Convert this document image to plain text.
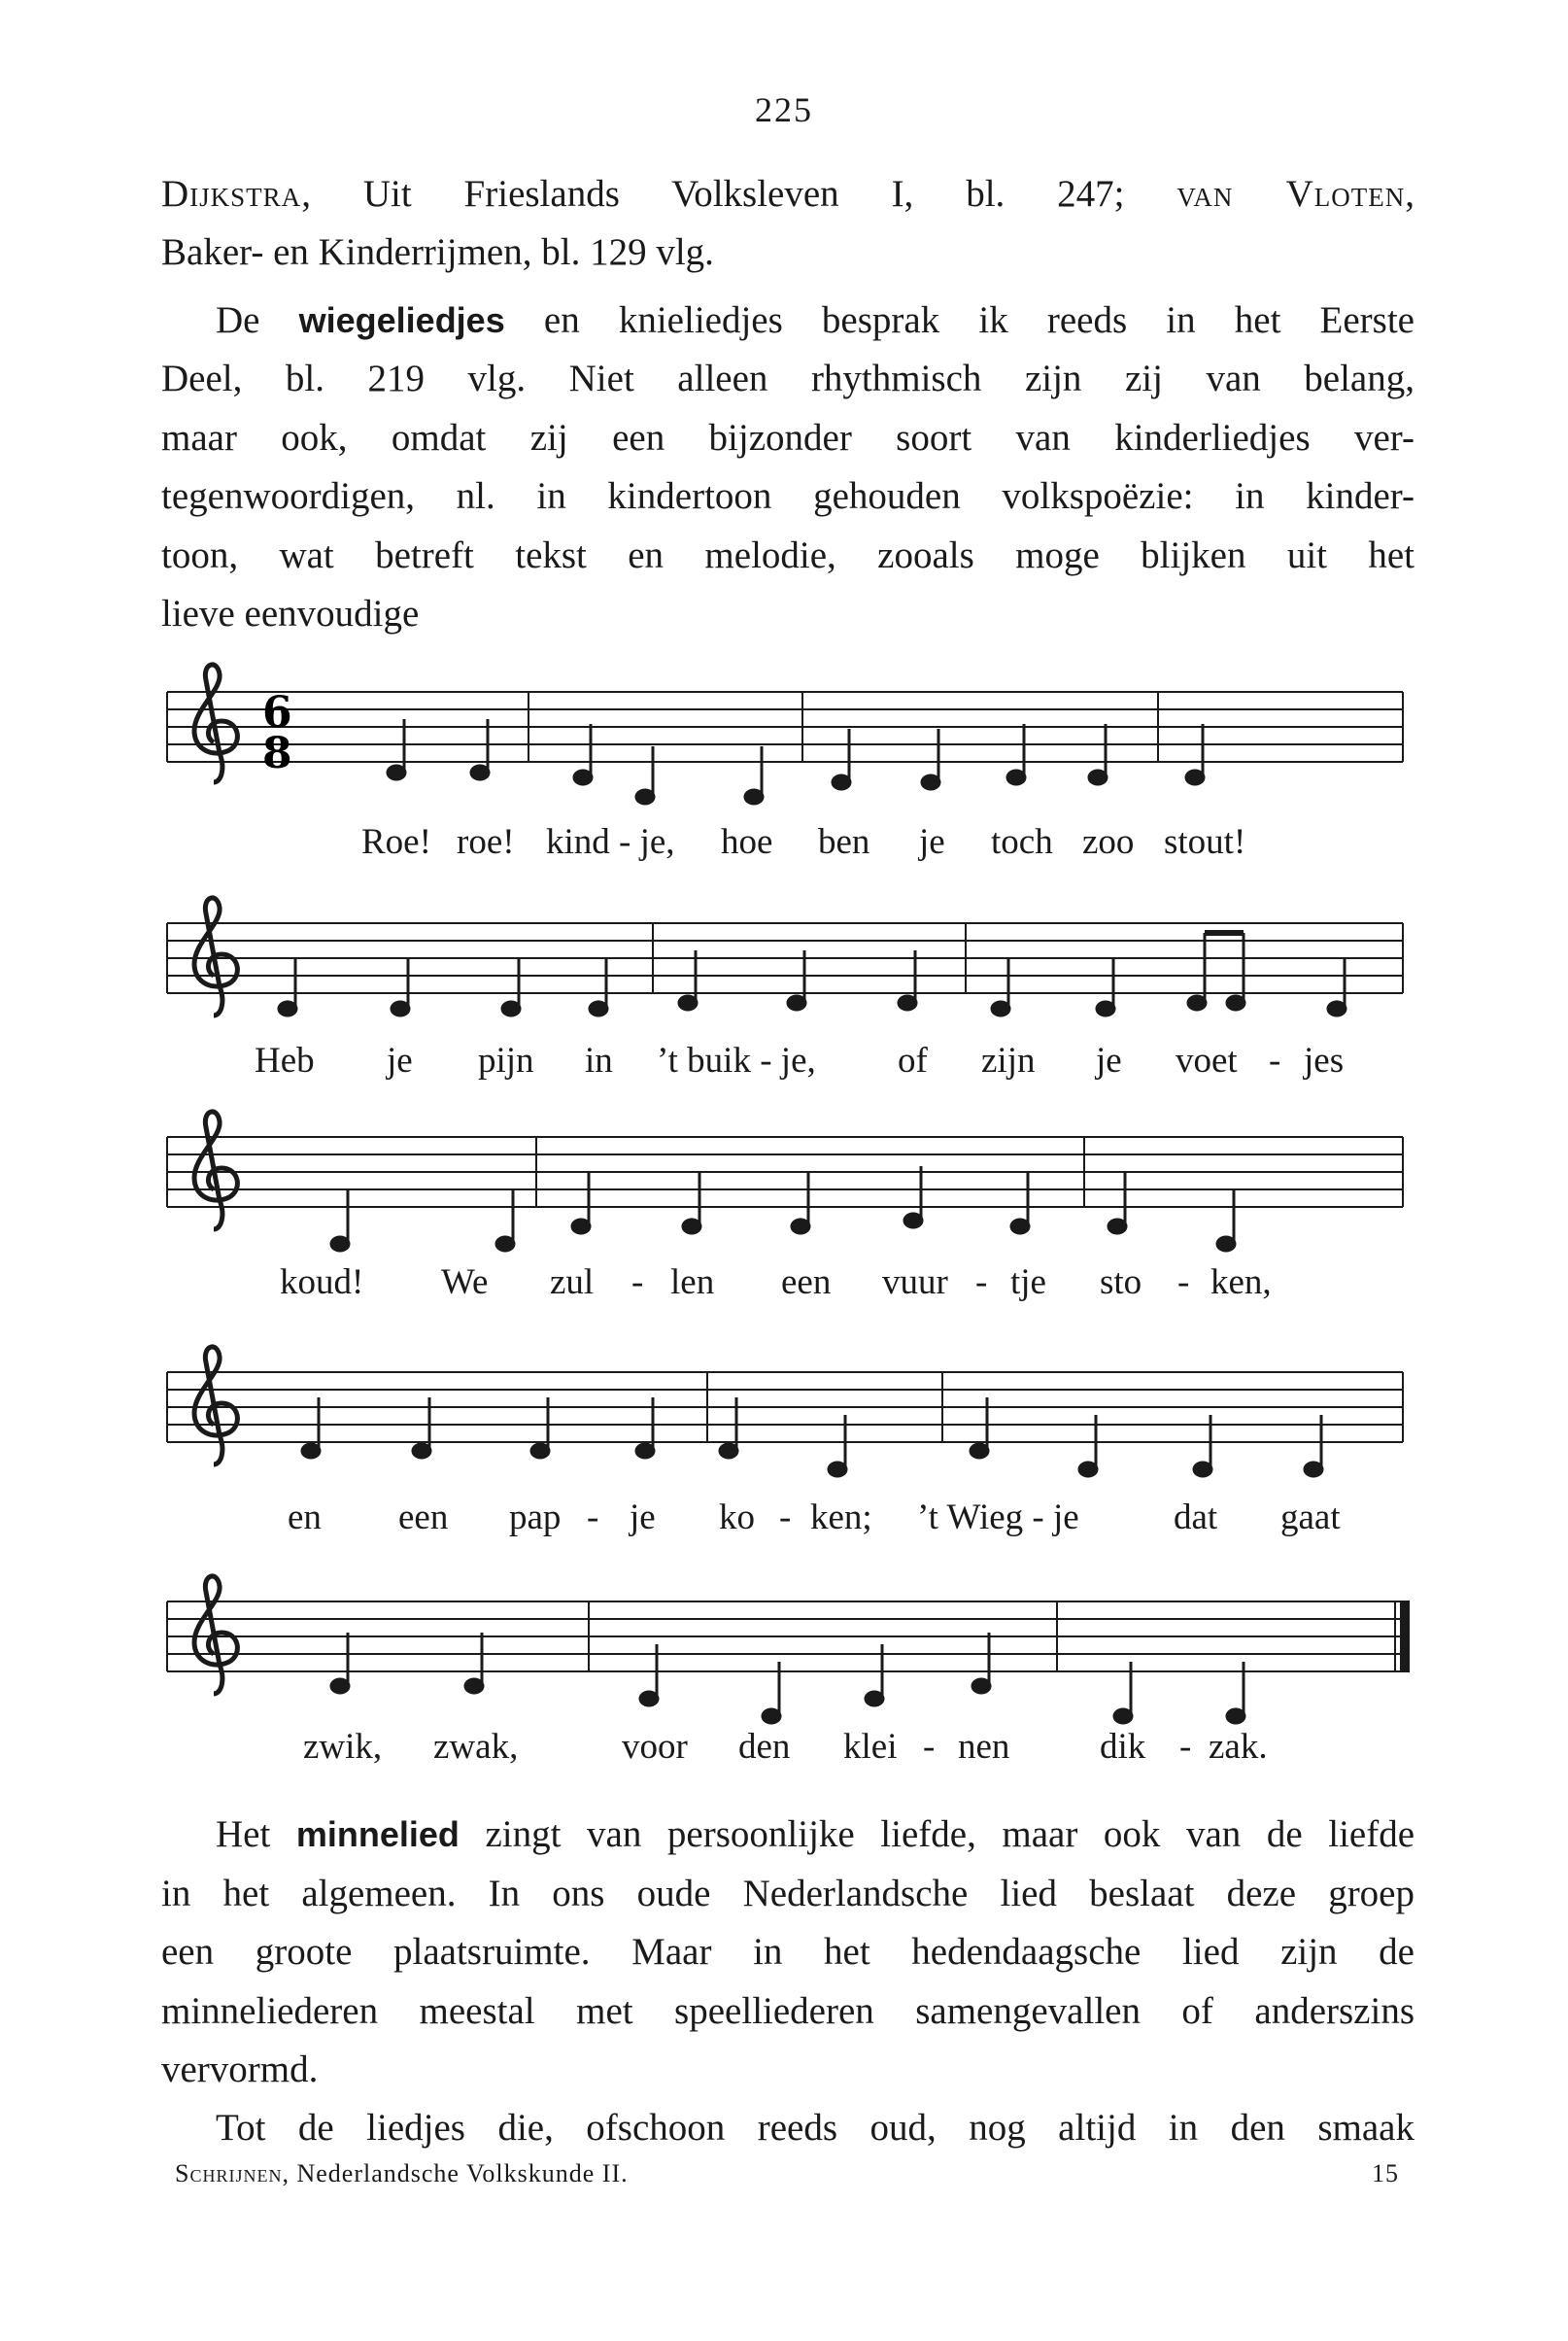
225
Dijkstra, Uit Frieslands Volksleven I, bl. 247; van Vloten,
Baker- en Kinderrijmen, bl. 129 vlg.
De wiegeliedjes en knieliedjes besprak ik reeds in het Eerste
Deel, bl. 219 vlg. Niet alleen rhythmisch zijn zij van belang,
maar ook, omdat zij een bijzonder soort van kinderliedjes ver-
tegenwoordigen, nl. in kindertoon gehouden volkspoëzie: in kinder-
toon, wat betreft tekst en melodie, zooals moge blijken uit het
lieve eenvoudige
6
8
Roe! roe! kind - je, hoe ben je toch zoo stout!
Heb je pijn in ’t buik - je, of zijn je voet - jes
koud! We zul - len een vuur - tje sto - ken,
en een pap - je ko - ken; ’t Wieg - je	dat gaat
zwik, zwak,	voor den klei - nen	dik - zak.
Het minnelied zingt van persoonlijke liefde, maar ook van de liefde
in het algemeen. In ons oude Nederlandsche lied beslaat deze groep
een groote plaatsruimte. Maar in het hedendaagsche lied zijn de
minneliederen meestal met speelliederen samengevallen of anderszins
vervormd.
Tot de liedjes die, ofschoon reeds oud, nog altijd in den smaak
Schrijnen, Nederlandsche Volkskunde II.	15
